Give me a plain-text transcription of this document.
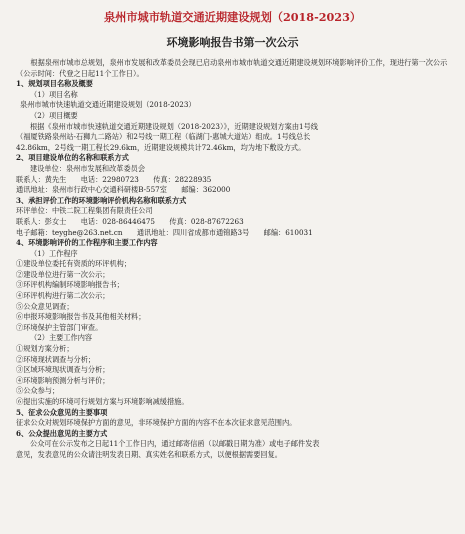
泉州市城市轨道交通近期建设规划（2018-2023）
环境影响报告书第一次公示

根据泉州市城市总规划，泉州市发展和改革委员会现已启动泉州市城市轨道交通近期建设规划环境影响评价工作，现进行第一次公示（公示时间：代登之日起11个工作日）。

1、规划项目名称及概要

（1）项目名称

泉州市城市快速轨道交通近期建设规划（2018-2023）

（2）项目概要

根据《泉州市城市快速轨道交通近期建设规划（2018-2023）》，近期建设规划方案由1号线

（福厦铁路泉州站-石狮九二路站）和2号线一期工程（临湖门-惠城大道站）组成。1号线总长

42.86km，2号线一期工程长29.6km，近期建设规模共计72.46km，均为地下敷设方式。

2、项目建设单位的名称和联系方式

建设单位：泉州市发展和改革委员会

联系人：黄先生　　电话：22980723　　传真：28228935

通讯地址：泉州市行政中心交通科研楼B-557室　　邮编：362000

3、承担评价工作的环境影响评价机构名称和联系方式

环评单位：中铁二院工程集团有限责任公司

联系人：彭女士　　电话：028-86446475　　传真：028-87672263

电子邮箱：teyghe@263.net.cn　　通讯地址：四川省成都市通锦路3号　　邮编：610031

4、环境影响评价的工作程序和主要工作内容

（1）工作程序

①建设单位委托有资质的环评机构；

②建设单位进行第一次公示；

③环评机构编制环境影响报告书；

④环评机构进行第二次公示；

⑤公众意见调查；

⑥申报环境影响报告书及其他相关材料；

⑦环境保护主管部门审查。

（2）主要工作内容

①规划方案分析；

②环境现状调查与分析；

③区域环境现状调查与分析；

④环境影响预测分析与评价；

⑤公众参与；

⑥提出实施的环境可行规划方案与环境影响减缓措施。

5、征求公众意见的主要事项

征求公众对规划环境保护方面的意见，非环境保护方面的内容不在本次征求意见范围内。

6、公众提出意见的主要方式

公众可在公示发布之日起11个工作日内，通过邮寄信函（以邮戳日期为准）或电子邮件发表

意见，发表意见的公众请注明发表日期、真实姓名和联系方式，以便根据需要回复。
